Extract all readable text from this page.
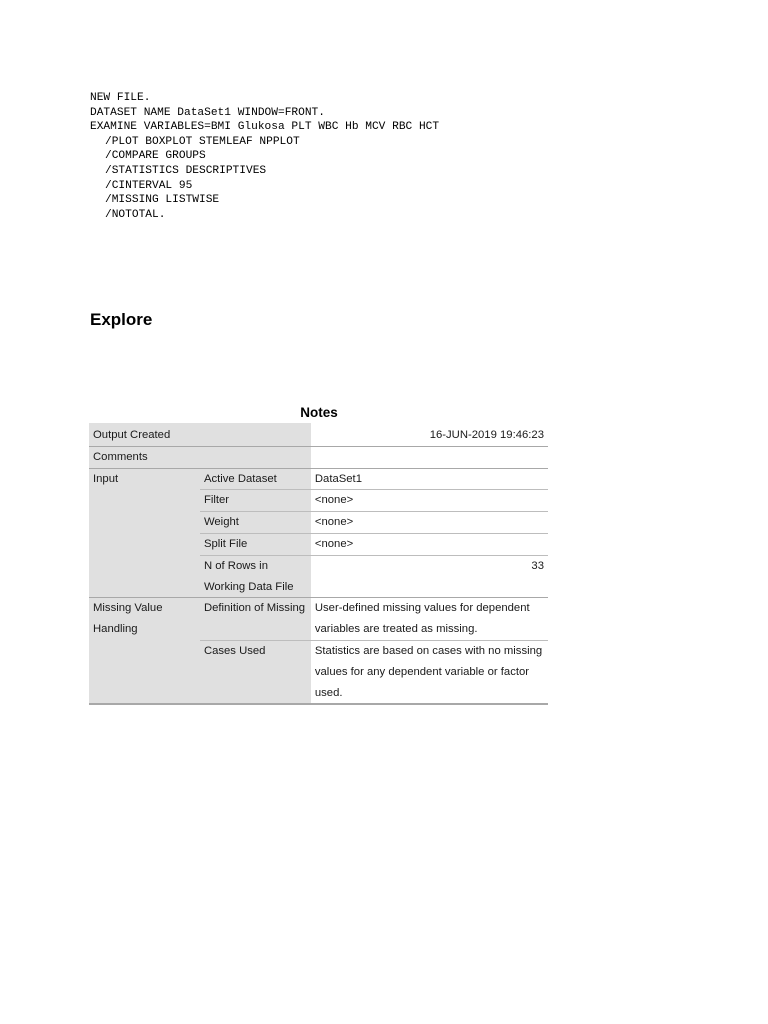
NEW FILE.
DATASET NAME DataSet1 WINDOW=FRONT.
EXAMINE VARIABLES=BMI Glukosa PLT WBC Hb MCV RBC HCT
/PLOT BOXPLOT STEMLEAF NPPLOT
/COMPARE GROUPS
/STATISTICS DESCRIPTIVES
/CINTERVAL 95
/MISSING LISTWISE
/NOTOTAL.
Explore
Notes
Output Created		16-JUN-2019 19:46:23
Comments		
Input	Active Dataset	DataSet1
	Filter	<none>
	Weight	<none>
	Split File	<none>
	N of Rows in Working Data File	33
Missing Value Handling	Definition of Missing	User-defined missing values for dependent variables are treated as missing.
	Cases Used	Statistics are based on cases with no missing values for any dependent variable or factor used.
